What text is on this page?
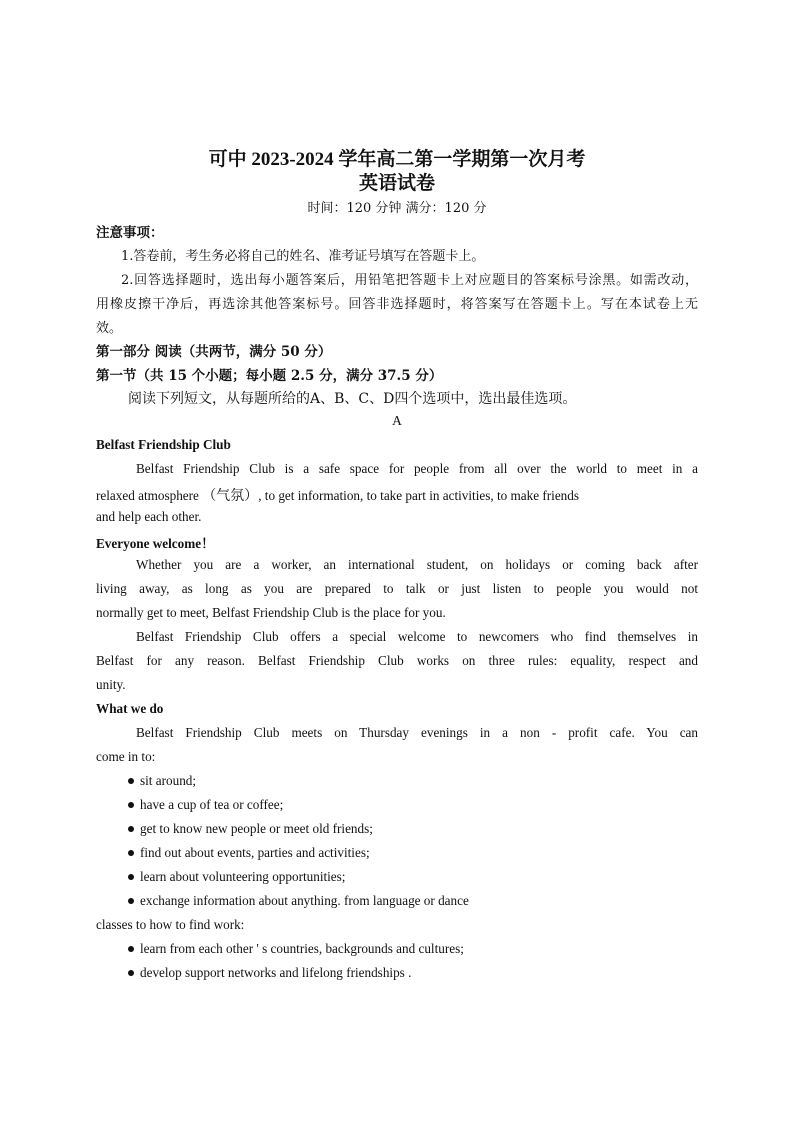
可中 2023-2024 学年高二第一学期第一次月考
英语试卷
时间：120 分钟 满分：120 分
注意事项：
1.答卷前，考生务必将自己的姓名、准考证号填写在答题卡上。
2.回答选择题时，选出每小题答案后，用铅笔把答题卡上对应题目的答案标号涂黑。如需改动，
用橡皮擦干净后，再选涂其他答案标号。回答非选择题时，将答案写在答题卡上。写在本试卷上无
效。
第一部分 阅读（共两节，满分 50 分）
第一节（共 15 个小题；每小题 2.5 分，满分 37.5 分）
阅读下列短文，从每题所给的A、B、C、D四个选项中，选出最佳选项。
A
Belfast Friendship Club
Belfast Friendship Club is a safe space for people from all over the world to meet in a
relaxed atmosphere （气氛）, to get information, to take part in activities, to make friends
and help each other.
Everyone welcome！
Whether you are a worker, an international student, on holidays or coming back after
living away, as long as you are prepared to talk or just listen to people you would not
normally get to meet, Belfast Friendship Club is the place for you.
Belfast Friendship Club offers a special welcome to newcomers who find themselves in
Belfast for any reason. Belfast Friendship Club works on three rules: equality, respect and
unity.
What we do
Belfast Friendship Club meets on Thursday evenings in a non - profit cafe. You can
come in to:
sit around;
have a cup of tea or coffee;
get to know new people or meet old friends;
find out about events, parties and activities;
learn about volunteering opportunities;
exchange information about anything. from language or dance
classes to how to find work:
learn from each other ' s countries, backgrounds and cultures;
develop support networks and lifelong friendships .
